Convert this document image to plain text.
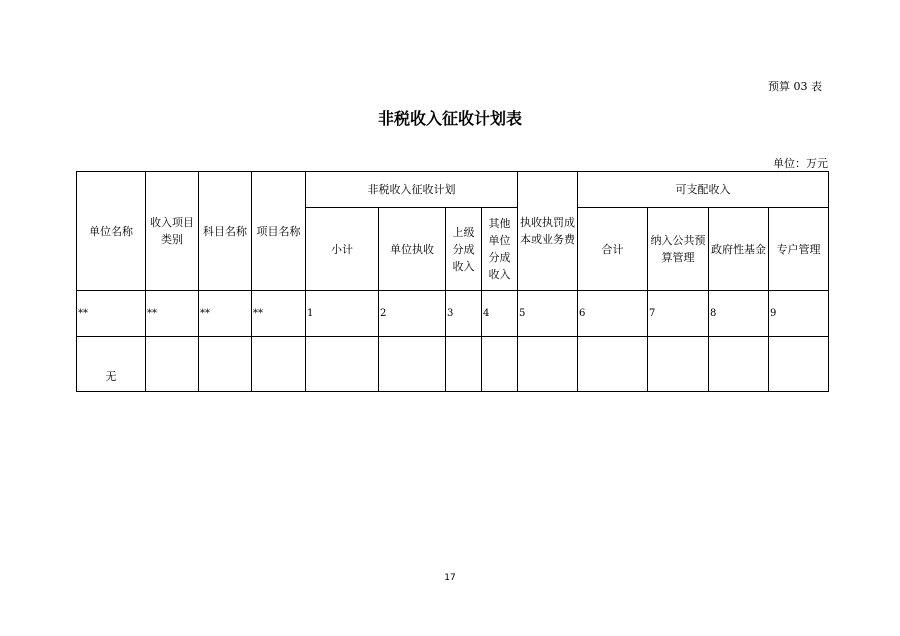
预算 03 表
非税收入征收计划表
单位：万元
单位名称	收入项目类别	科目名称	项目名称	非税收入征收计划				执收执罚成本或业务费	可支配收入			
				小计	单位执收	上级分成收入	其他单位分成收入		合计	纳入公共预算管理	政府性基金	专户管理
**	**	**	**	1	2	3	4	5	6	7	8	9
无												
17
